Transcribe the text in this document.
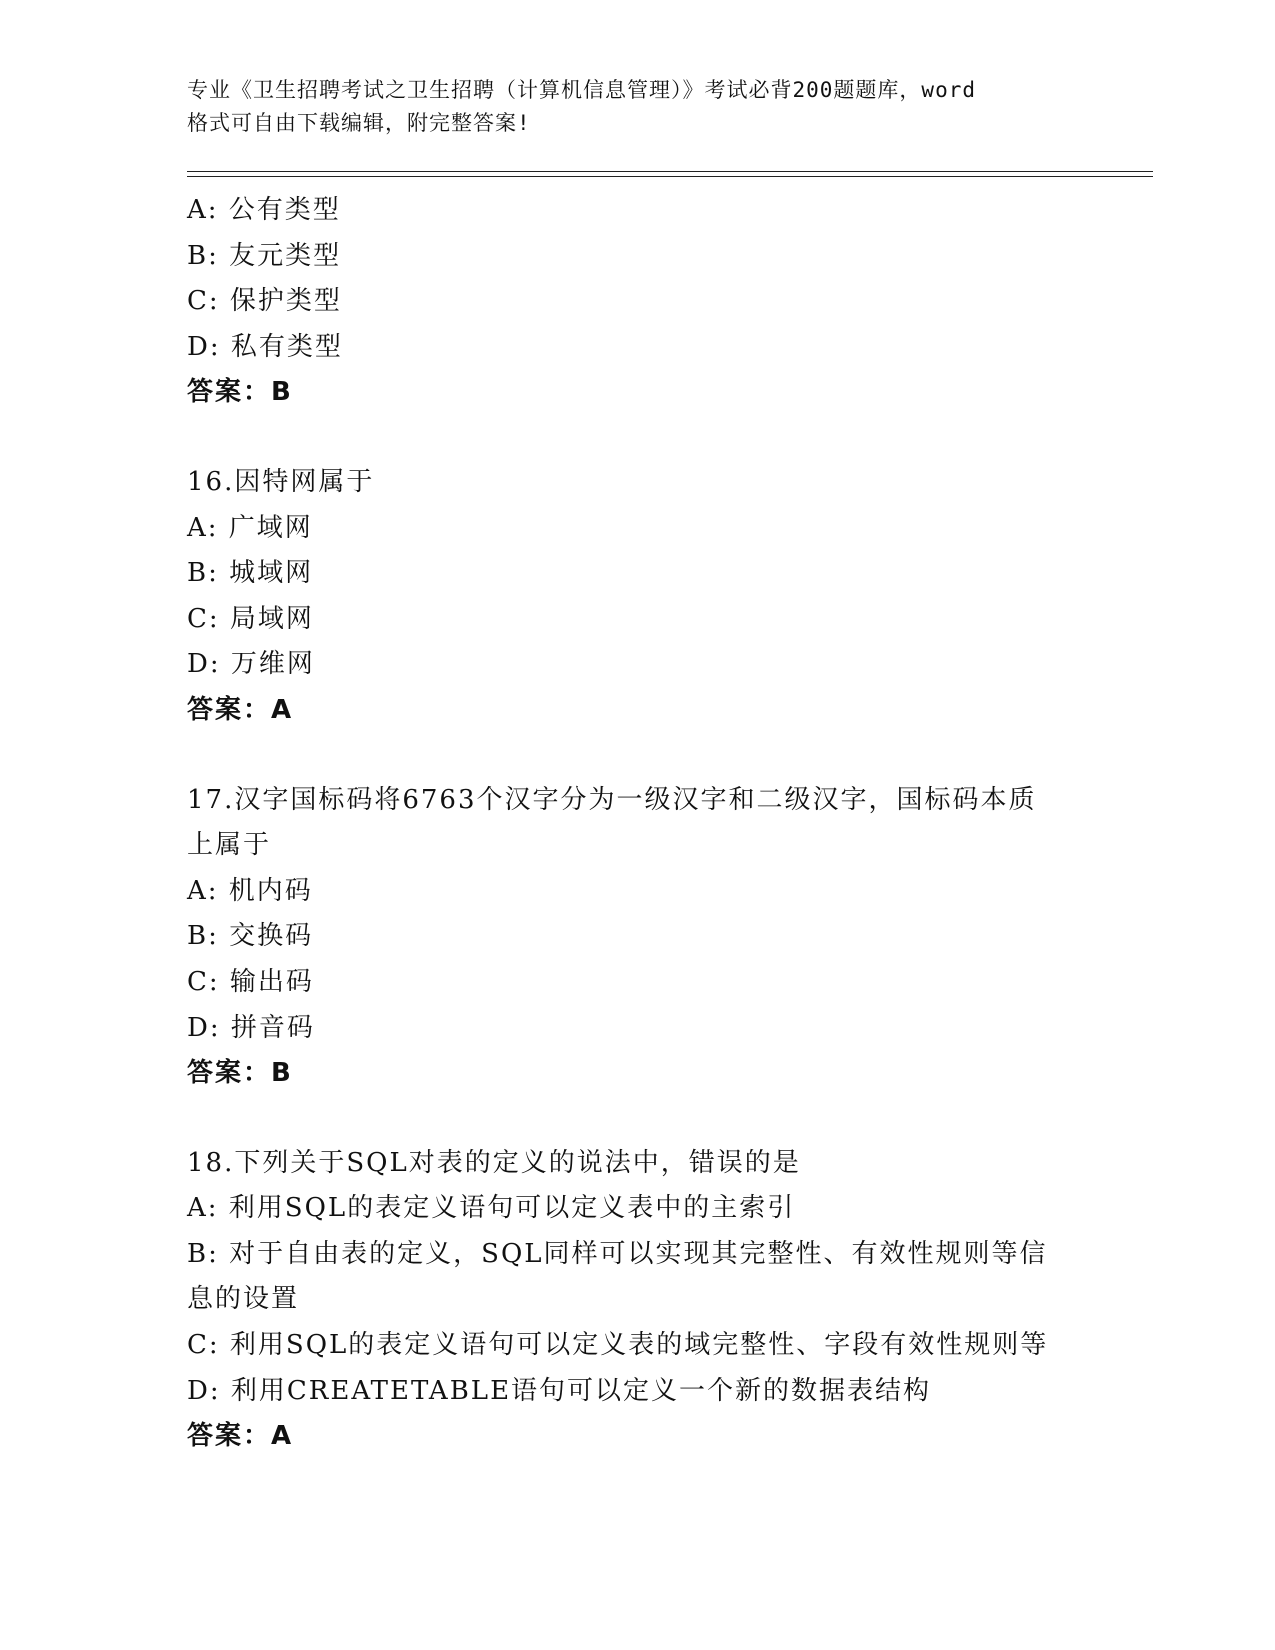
专业《卫生招聘考试之卫生招聘（计算机信息管理）》考试必背200题题库，word
格式可自由下载编辑，附完整答案!
A: 公有类型
B: 友元类型
C: 保护类型
D: 私有类型
答案：B
16.因特网属于
A: 广域网
B: 城域网
C: 局域网
D: 万维网
答案：A
17.汉字国标码将6763个汉字分为一级汉字和二级汉字，国标码本质
上属于
A: 机内码
B: 交换码
C: 输出码
D: 拼音码
答案：B
18.下列关于SQL对表的定义的说法中，错误的是
A: 利用SQL的表定义语句可以定义表中的主索引
B: 对于自由表的定义，SQL同样可以实现其完整性、有效性规则等信
息的设置
C: 利用SQL的表定义语句可以定义表的域完整性、字段有效性规则等
D: 利用CREATETABLE语句可以定义一个新的数据表结构
答案：A
